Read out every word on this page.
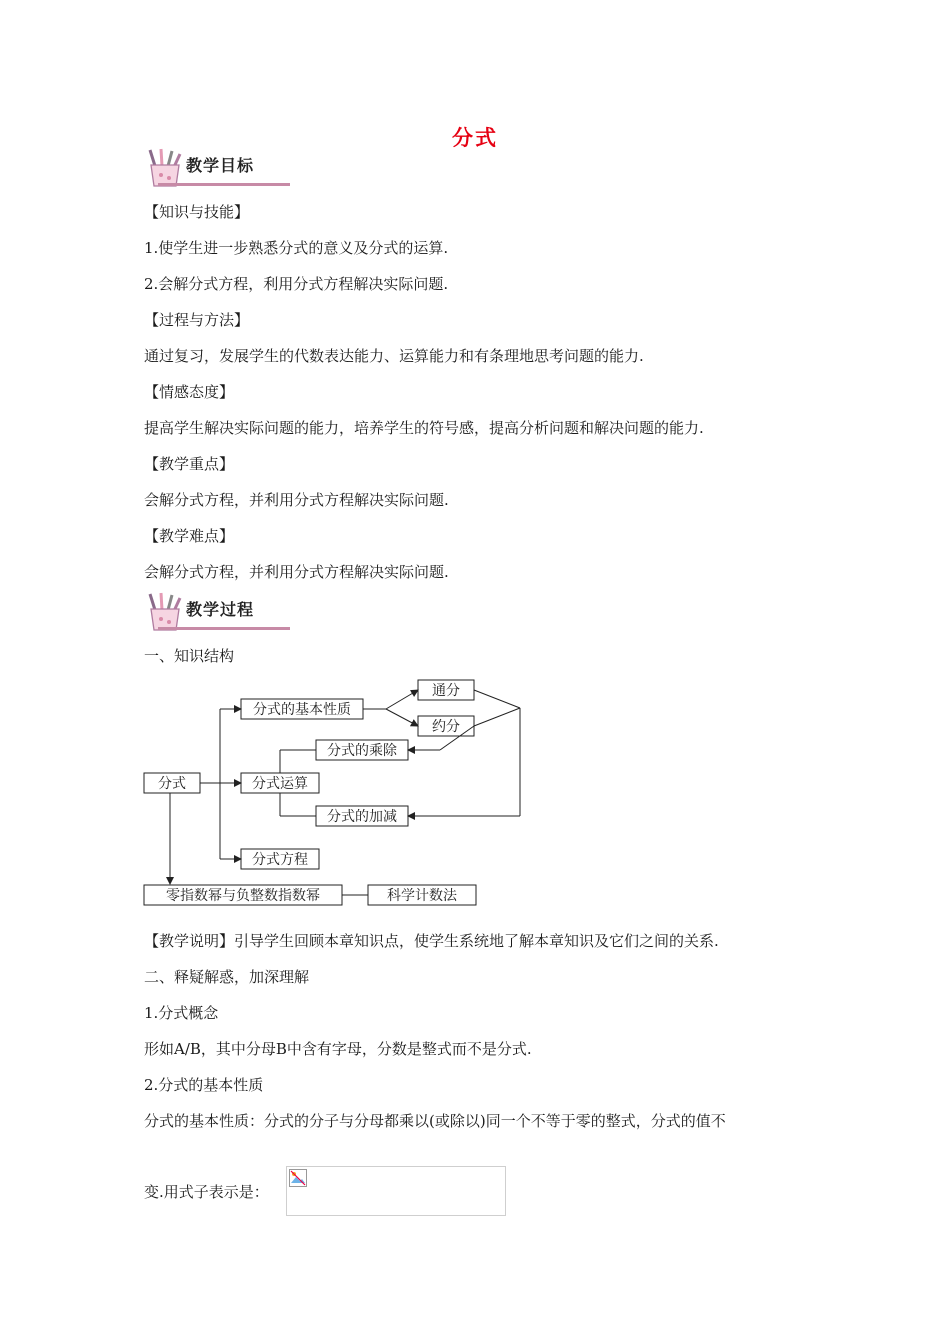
分式
教学目标
【知识与技能】
1.使学生进一步熟悉分式的意义及分式的运算.
2.会解分式方程，利用分式方程解决实际问题.
【过程与方法】
通过复习，发展学生的代数表达能力、运算能力和有条理地思考问题的能力.
【情感态度】
提高学生解决实际问题的能力，培养学生的符号感，提高分析问题和解决问题的能力.
【教学重点】
会解分式方程，并利用分式方程解决实际问题.
【教学难点】
会解分式方程，并利用分式方程解决实际问题.
教学过程
一、知识结构
分式
分式的基本性质
通分
约分
分式的乘除
分式运算
分式的加减
分式方程
零指数幂与负整数指数幂	科学计数法
【教学说明】引导学生回顾本章知识点，使学生系统地了解本章知识及它们之间的关系.
二、释疑解惑，加深理解
1.分式概念
形如A/B，其中分母B中含有字母，分数是整式而不是分式.
2.分式的基本性质
分式的基本性质：分式的分子与分母都乘以(或除以)同一个不等于零的整式，分式的值不
变.用式子表示是：
